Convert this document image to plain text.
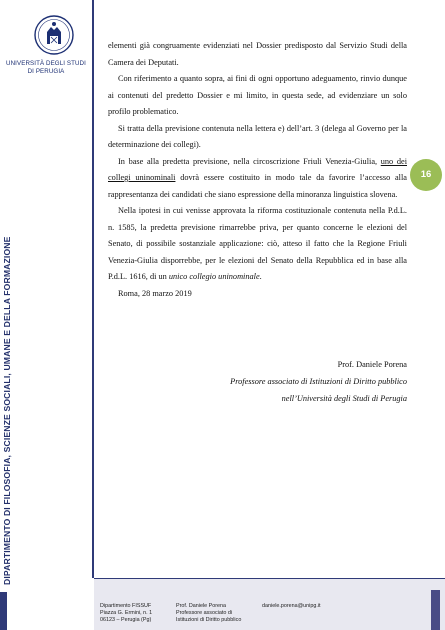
UNIVERSITÀ DEGLI STUDI
DI PERUGIA
DIPARTIMENTO DI FILOSOFIA, SCIENZE SOCIALI, UMANE E DELLA FORMAZIONE
16

elementi già congruamente evidenziati nel Dossier predisposto dal Servizio Studi della Camera dei Deputati.

Con riferimento a quanto sopra, ai fini di ogni opportuno adeguamento, rinvio dunque ai contenuti del predetto Dossier e mi limito, in questa sede, ad evidenziare un solo profilo problematico.

Si tratta della previsione contenuta nella lettera e) dell’art. 3 (delega al Governo per la determinazione dei collegi).

In base alla predetta previsione, nella circoscrizione Friuli Venezia-Giulia, uno dei collegi uninominali dovrà essere costituito in modo tale da favorire l’accesso alla rappresentanza dei candidati che siano espressione della minoranza linguistica slovena.

Nella ipotesi in cui venisse approvata la riforma costituzionale contenuta nella P.d.L. n. 1585, la predetta previsione rimarrebbe priva, per quanto concerne le elezioni del Senato, di possibile sostanziale applicazione: ciò, atteso il fatto che la Regione Friuli Venezia-Giulia disporrebbe, per le elezioni del Senato della Repubblica ed in base alla P.d.L. 1616, di un unico collegio uninominale.

Roma, 28 marzo 2019

Prof. Daniele Porena
Professore associato di Istituzioni di Diritto pubblico
nell’Università degli Studi di Perugia
Dipartimento FISSUF
Piazza G. Ermini, n. 1
06123 – Perugia (Pg)
Prof. Daniele Porena
Professore associato di
Istituzioni di Diritto pubblico
daniele.porena@unipg.it
